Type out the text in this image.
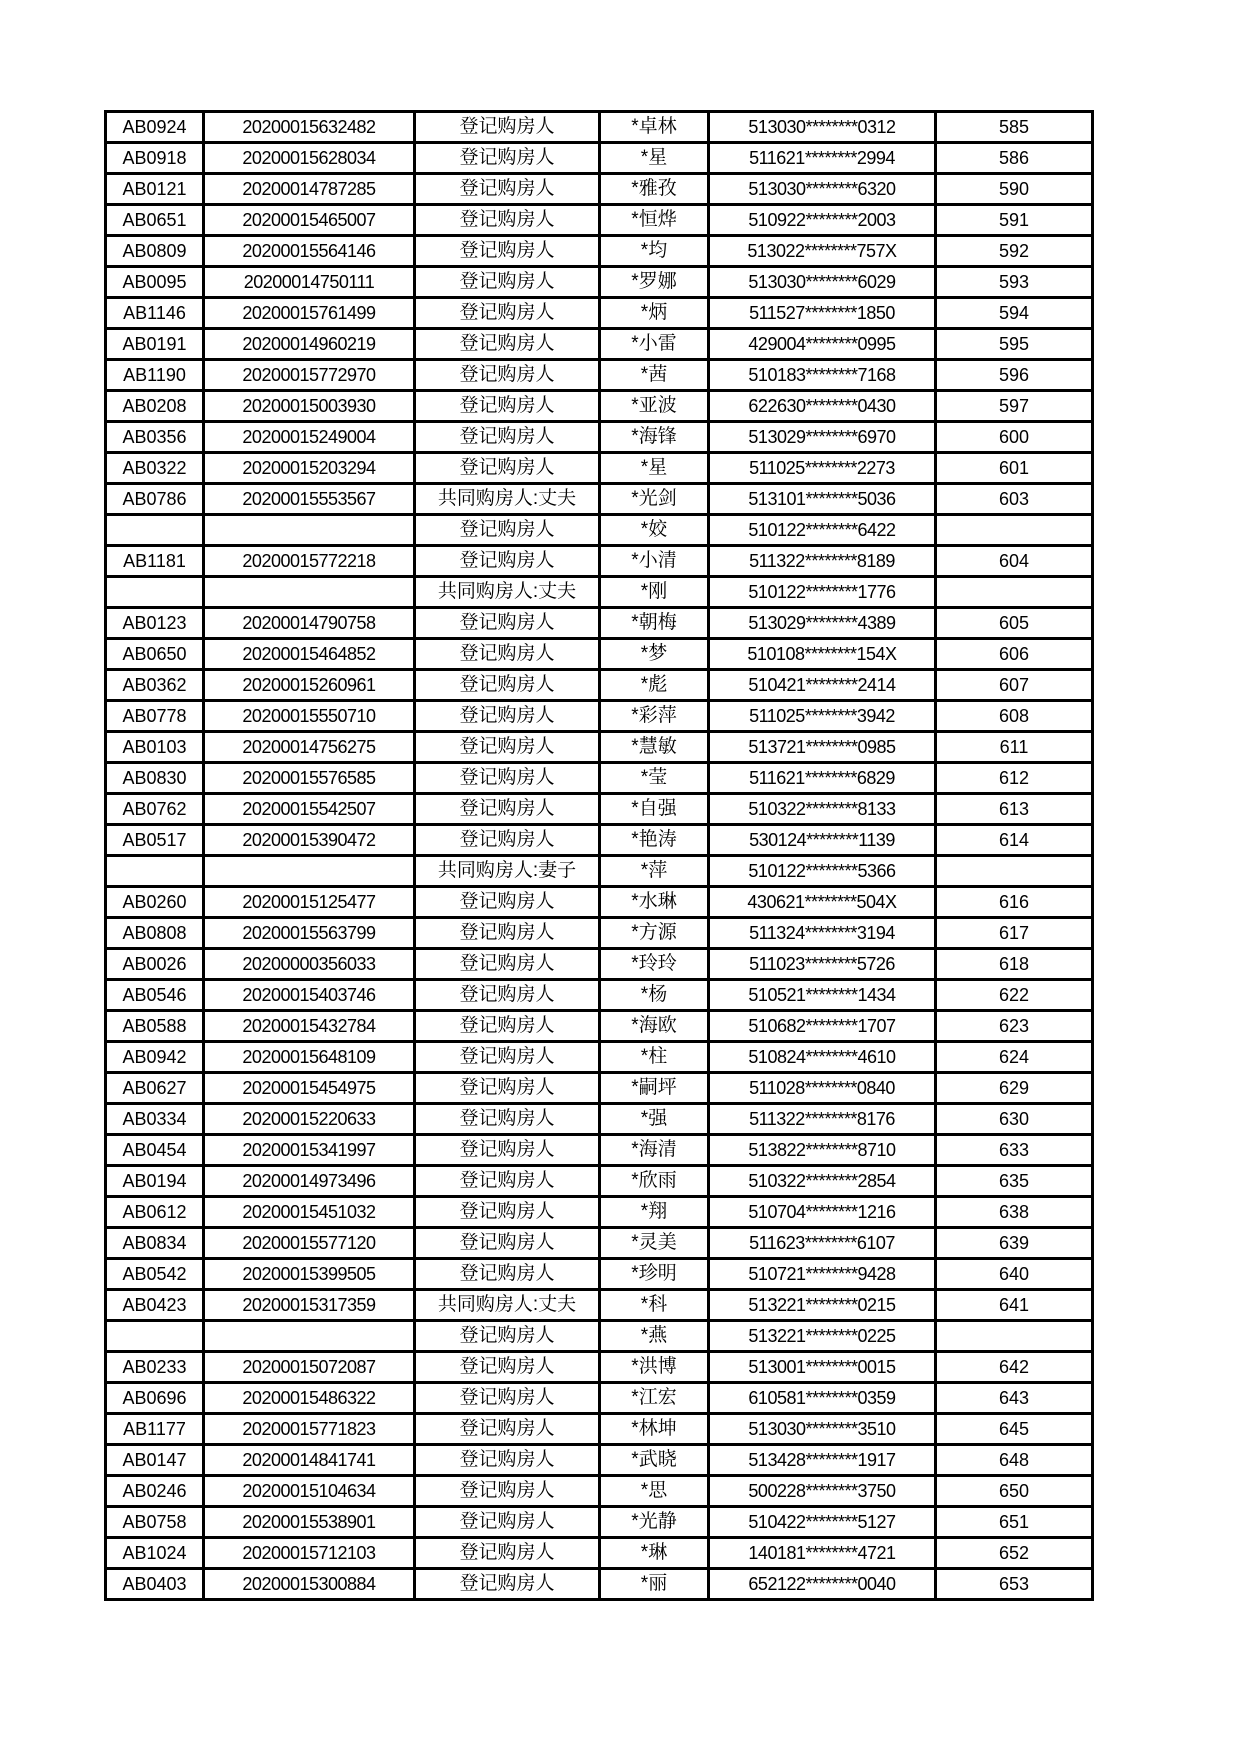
AB0924	20200015632482	登记购房人	*卓林	513030********0312	585
AB0918	20200015628034	登记购房人	*星	511621********2994	586
AB0121	20200014787285	登记购房人	*雅孜	513030********6320	590
AB0651	20200015465007	登记购房人	*恒烨	510922********2003	591
AB0809	20200015564146	登记购房人	*均	513022********757X	592
AB0095	20200014750111	登记购房人	*罗娜	513030********6029	593
AB1146	20200015761499	登记购房人	*炳	511527********1850	594
AB0191	20200014960219	登记购房人	*小雷	429004********0995	595
AB1190	20200015772970	登记购房人	*茜	510183********7168	596
AB0208	20200015003930	登记购房人	*亚波	622630********0430	597
AB0356	20200015249004	登记购房人	*海锋	513029********6970	600
AB0322	20200015203294	登记购房人	*星	511025********2273	601
AB0786	20200015553567	共同购房人:丈夫	*光剑	513101********5036	603
		登记购房人	*姣	510122********6422	
AB1181	20200015772218	登记购房人	*小清	511322********8189	604
		共同购房人:丈夫	*刚	510122********1776	
AB0123	20200014790758	登记购房人	*朝梅	513029********4389	605
AB0650	20200015464852	登记购房人	*梦	510108********154X	606
AB0362	20200015260961	登记购房人	*彪	510421********2414	607
AB0778	20200015550710	登记购房人	*彩萍	511025********3942	608
AB0103	20200014756275	登记购房人	*慧敏	513721********0985	611
AB0830	20200015576585	登记购房人	*莹	511621********6829	612
AB0762	20200015542507	登记购房人	*自强	510322********8133	613
AB0517	20200015390472	登记购房人	*艳涛	530124********1139	614
		共同购房人:妻子	*萍	510122********5366	
AB0260	20200015125477	登记购房人	*水琳	430621********504X	616
AB0808	20200015563799	登记购房人	*方源	511324********3194	617
AB0026	20200000356033	登记购房人	*玲玲	511023********5726	618
AB0546	20200015403746	登记购房人	*杨	510521********1434	622
AB0588	20200015432784	登记购房人	*海欧	510682********1707	623
AB0942	20200015648109	登记购房人	*柱	510824********4610	624
AB0627	20200015454975	登记购房人	*嗣坪	511028********0840	629
AB0334	20200015220633	登记购房人	*强	511322********8176	630
AB0454	20200015341997	登记购房人	*海清	513822********8710	633
AB0194	20200014973496	登记购房人	*欣雨	510322********2854	635
AB0612	20200015451032	登记购房人	*翔	510704********1216	638
AB0834	20200015577120	登记购房人	*灵美	511623********6107	639
AB0542	20200015399505	登记购房人	*珍明	510721********9428	640
AB0423	20200015317359	共同购房人:丈夫	*科	513221********0215	641
		登记购房人	*燕	513221********0225	
AB0233	20200015072087	登记购房人	*洪博	513001********0015	642
AB0696	20200015486322	登记购房人	*江宏	610581********0359	643
AB1177	20200015771823	登记购房人	*林坤	513030********3510	645
AB0147	20200014841741	登记购房人	*武晓	513428********1917	648
AB0246	20200015104634	登记购房人	*思	500228********3750	650
AB0758	20200015538901	登记购房人	*光静	510422********5127	651
AB1024	20200015712103	登记购房人	*琳	140181********4721	652
AB0403	20200015300884	登记购房人	*丽	652122********0040	653
